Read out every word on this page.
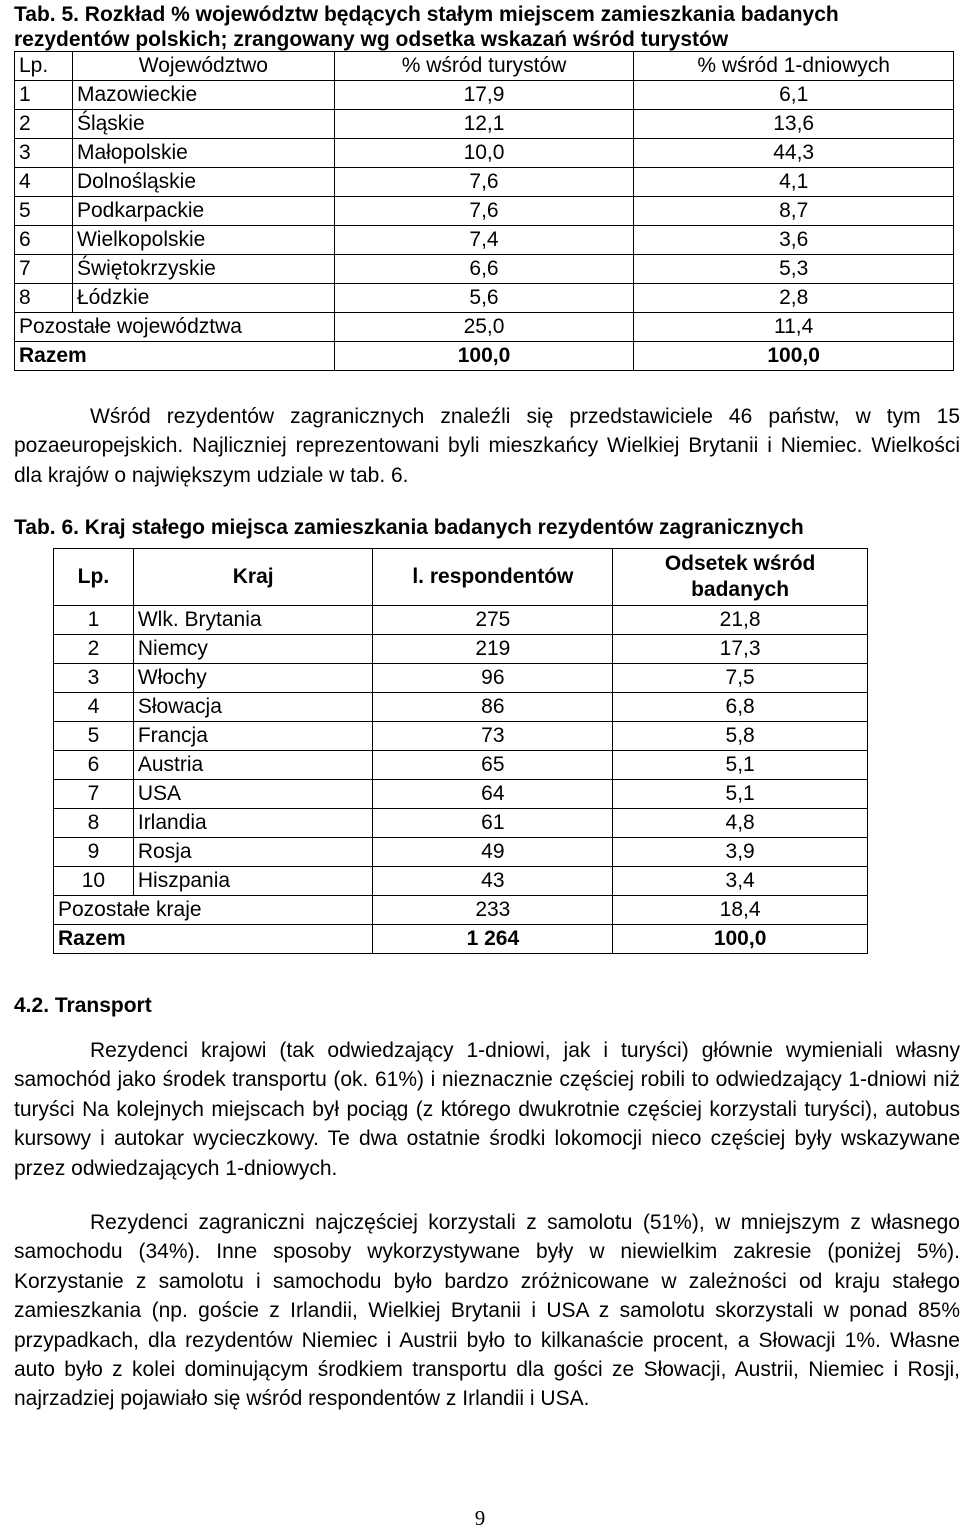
Tab. 5. Rozkład % województw będących stałym miejscem zamieszkania badanych rezydentów polskich; zrangowany wg odsetka wskazań wśród turystów
Lp.	Województwo	% wśród turystów	% wśród 1-dniowych
1	Mazowieckie	17,9	6,1
2	Śląskie	12,1	13,6
3	Małopolskie	10,0	44,3
4	Dolnośląskie	7,6	4,1
5	Podkarpackie	7,6	8,7
6	Wielkopolskie	7,4	3,6
7	Świętokrzyskie	6,6	5,3
8	Łódzkie	5,6	2,8
Pozostałe województwa		25,0	11,4
Razem		100,0	100,0
Wśród rezydentów zagranicznych znaleźli się przedstawiciele 46 państw, w tym 15 pozaeuropejskich. Najliczniej reprezentowani byli mieszkańcy Wielkiej Brytanii i Niemiec. Wielkości dla krajów o największym udziale w tab. 6.
Tab. 6. Kraj stałego miejsca zamieszkania badanych rezydentów zagranicznych
Lp.	Kraj	l. respondentów	Odsetek wśród badanych
1	Wlk. Brytania	275	21,8
2	Niemcy	219	17,3
3	Włochy	96	7,5
4	Słowacja	86	6,8
5	Francja	73	5,8
6	Austria	65	5,1
7	USA	64	5,1
8	Irlandia	61	4,8
9	Rosja	49	3,9
10	Hiszpania	43	3,4
Pozostałe kraje		233	18,4
Razem		1 264	100,0
4.2. Transport
Rezydenci krajowi (tak odwiedzający 1-dniowi, jak i turyści) głównie wymieniali własny samochód jako środek transportu (ok. 61%) i nieznacznie częściej robili to odwiedzający 1-dniowi niż turyści Na kolejnych miejscach był pociąg (z którego dwukrotnie częściej korzystali turyści), autobus kursowy i autokar wycieczkowy. Te dwa ostatnie środki lokomocji nieco częściej były wskazywane przez odwiedzających 1-dniowych.
Rezydenci zagraniczni najczęściej korzystali z samolotu (51%), w mniejszym z własnego samochodu (34%). Inne sposoby wykorzystywane były w niewielkim zakresie (poniżej 5%). Korzystanie z samolotu i samochodu było bardzo zróżnicowane w zależności od kraju stałego zamieszkania (np. goście z Irlandii, Wielkiej Brytanii i USA z samolotu skorzystali w ponad 85% przypadkach, dla rezydentów Niemiec i Austrii było to kilkanaście procent, a Słowacji 1%. Własne auto było z kolei dominującym środkiem transportu dla gości ze Słowacji, Austrii, Niemiec i Rosji, najrzadziej pojawiało się wśród respondentów z Irlandii i USA.
9
